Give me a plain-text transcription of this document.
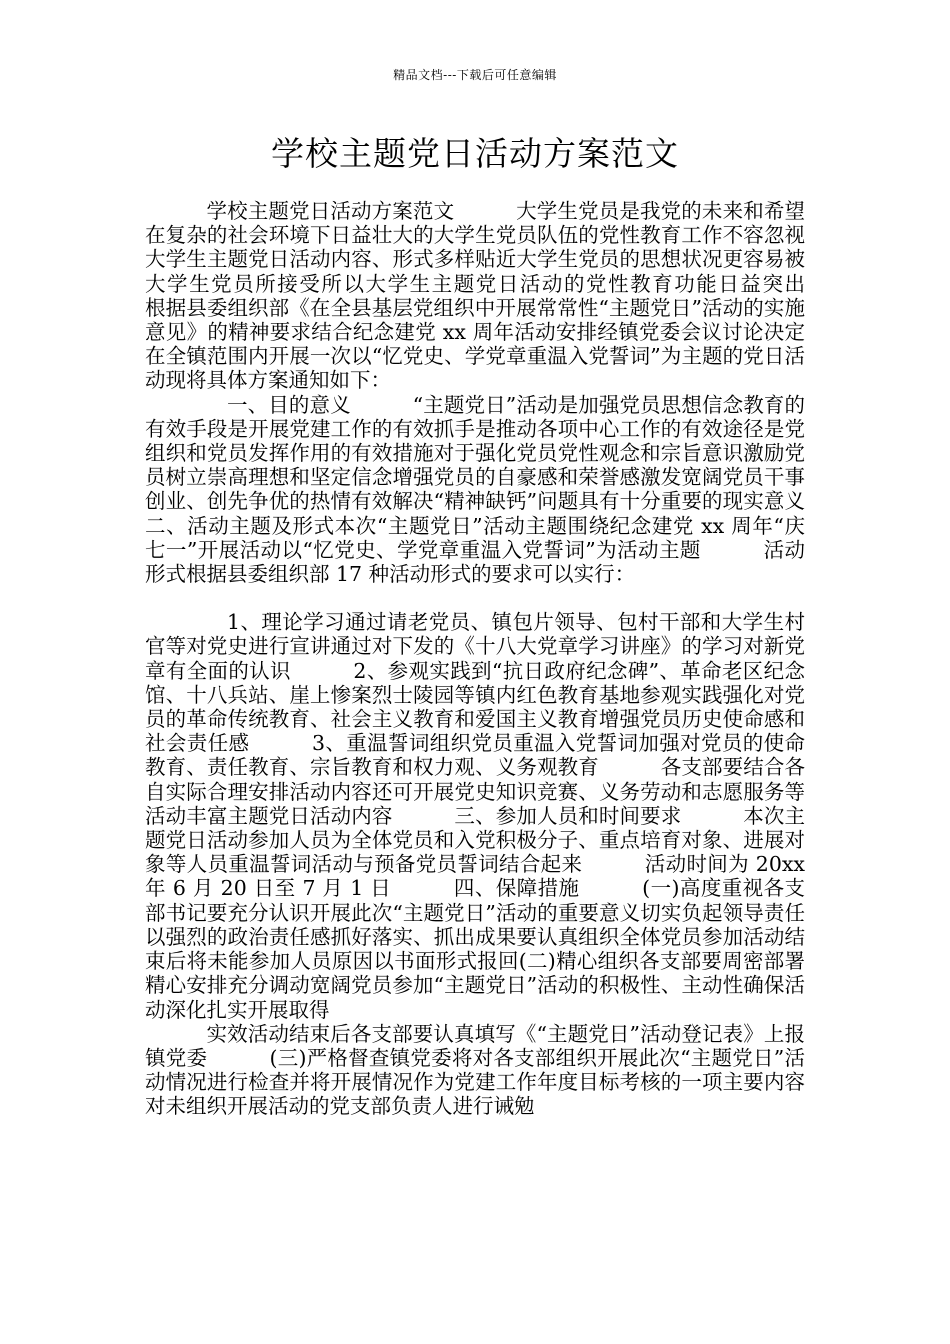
精品文档---下载后可任意编辑
学校主题党日活动方案范文

学校主题党日活动方案范文　　　大学生党员是我党的未来和希望在复杂的社会环境下日益壮大的大学生党员队伍的党性教育工作不容忽视大学生主题党日活动内容、形式多样贴近大学生党员的思想状况更容易被大学生党员所接受所以大学生主题党日活动的党性教育功能日益突出　　　根据县委组织部《在全县基层党组织中开展常常性“主题党日”活动的实施意见》的精神要求结合纪念建党 xx 周年活动安排经镇党委会议讨论决定在全镇范围内开展一次以“忆党史、学党章重温入党誓词”为主题的党日活动现将具体方案通知如下：

一、目的意义　　　“主题党日”活动是加强党员思想信念教育的有效手段是开展党建工作的有效抓手是推动各项中心工作的有效途径是党组织和党员发挥作用的有效措施对于强化党员党性观念和宗旨意识激励党员树立崇高理想和坚定信念增强党员的自豪感和荣誉感激发宽阔党员干事创业、创先争优的热情有效解决“精神缺钙”问题具有十分重要的现实意义　　　二、活动主题及形式本次“主题党日”活动主题围绕纪念建党 xx 周年“庆七一”开展活动以“忆党史、学党章重温入党誓词”为活动主题　　　活动形式根据县委组织部 17 种活动形式的要求可以实行：

1、理论学习通过请老党员、镇包片领导、包村干部和大学生村官等对党史进行宣讲通过对下发的《十八大党章学习讲座》的学习对新党章有全面的认识　　　2、参观实践到“抗日政府纪念碑”、革命老区纪念馆、十八兵站、崖上惨案烈士陵园等镇内红色教育基地参观实践强化对党员的革命传统教育、社会主义教育和爱国主义教育增强党员历史使命感和社会责任感　　　3、重温誓词组织党员重温入党誓词加强对党员的使命教育、责任教育、宗旨教育和权力观、义务观教育　　　各支部要结合各自实际合理安排活动内容还可开展党史知识竞赛、义务劳动和志愿服务等活动丰富主题党日活动内容　　　三、参加人员和时间要求　　　本次主题党日活动参加人员为全体党员和入党积极分子、重点培育对象、进展对象等人员重温誓词活动与预备党员誓词结合起来　　　活动时间为 20xx 年 6 月 20 日至 7 月 1 日　　　四、保障措施　　　(一)高度重视各支部书记要充分认识开展此次“主题党日”活动的重要意义切实负起领导责任以强烈的政治责任感抓好落实、抓出成果要认真组织全体党员参加活动结束后将未能参加人员原因以书面形式报回(二)精心组织各支部要周密部署精心安排充分调动宽阔党员参加“主题党日”活动的积极性、主动性确保活动深化扎实开展取得

实效活动结束后各支部要认真填写《“主题党日”活动登记表》上报镇党委　　　(三)严格督查镇党委将对各支部组织开展此次“主题党日”活动情况进行检查并将开展情况作为党建工作年度目标考核的一项主要内容对未组织开展活动的党支部负责人进行诫勉
